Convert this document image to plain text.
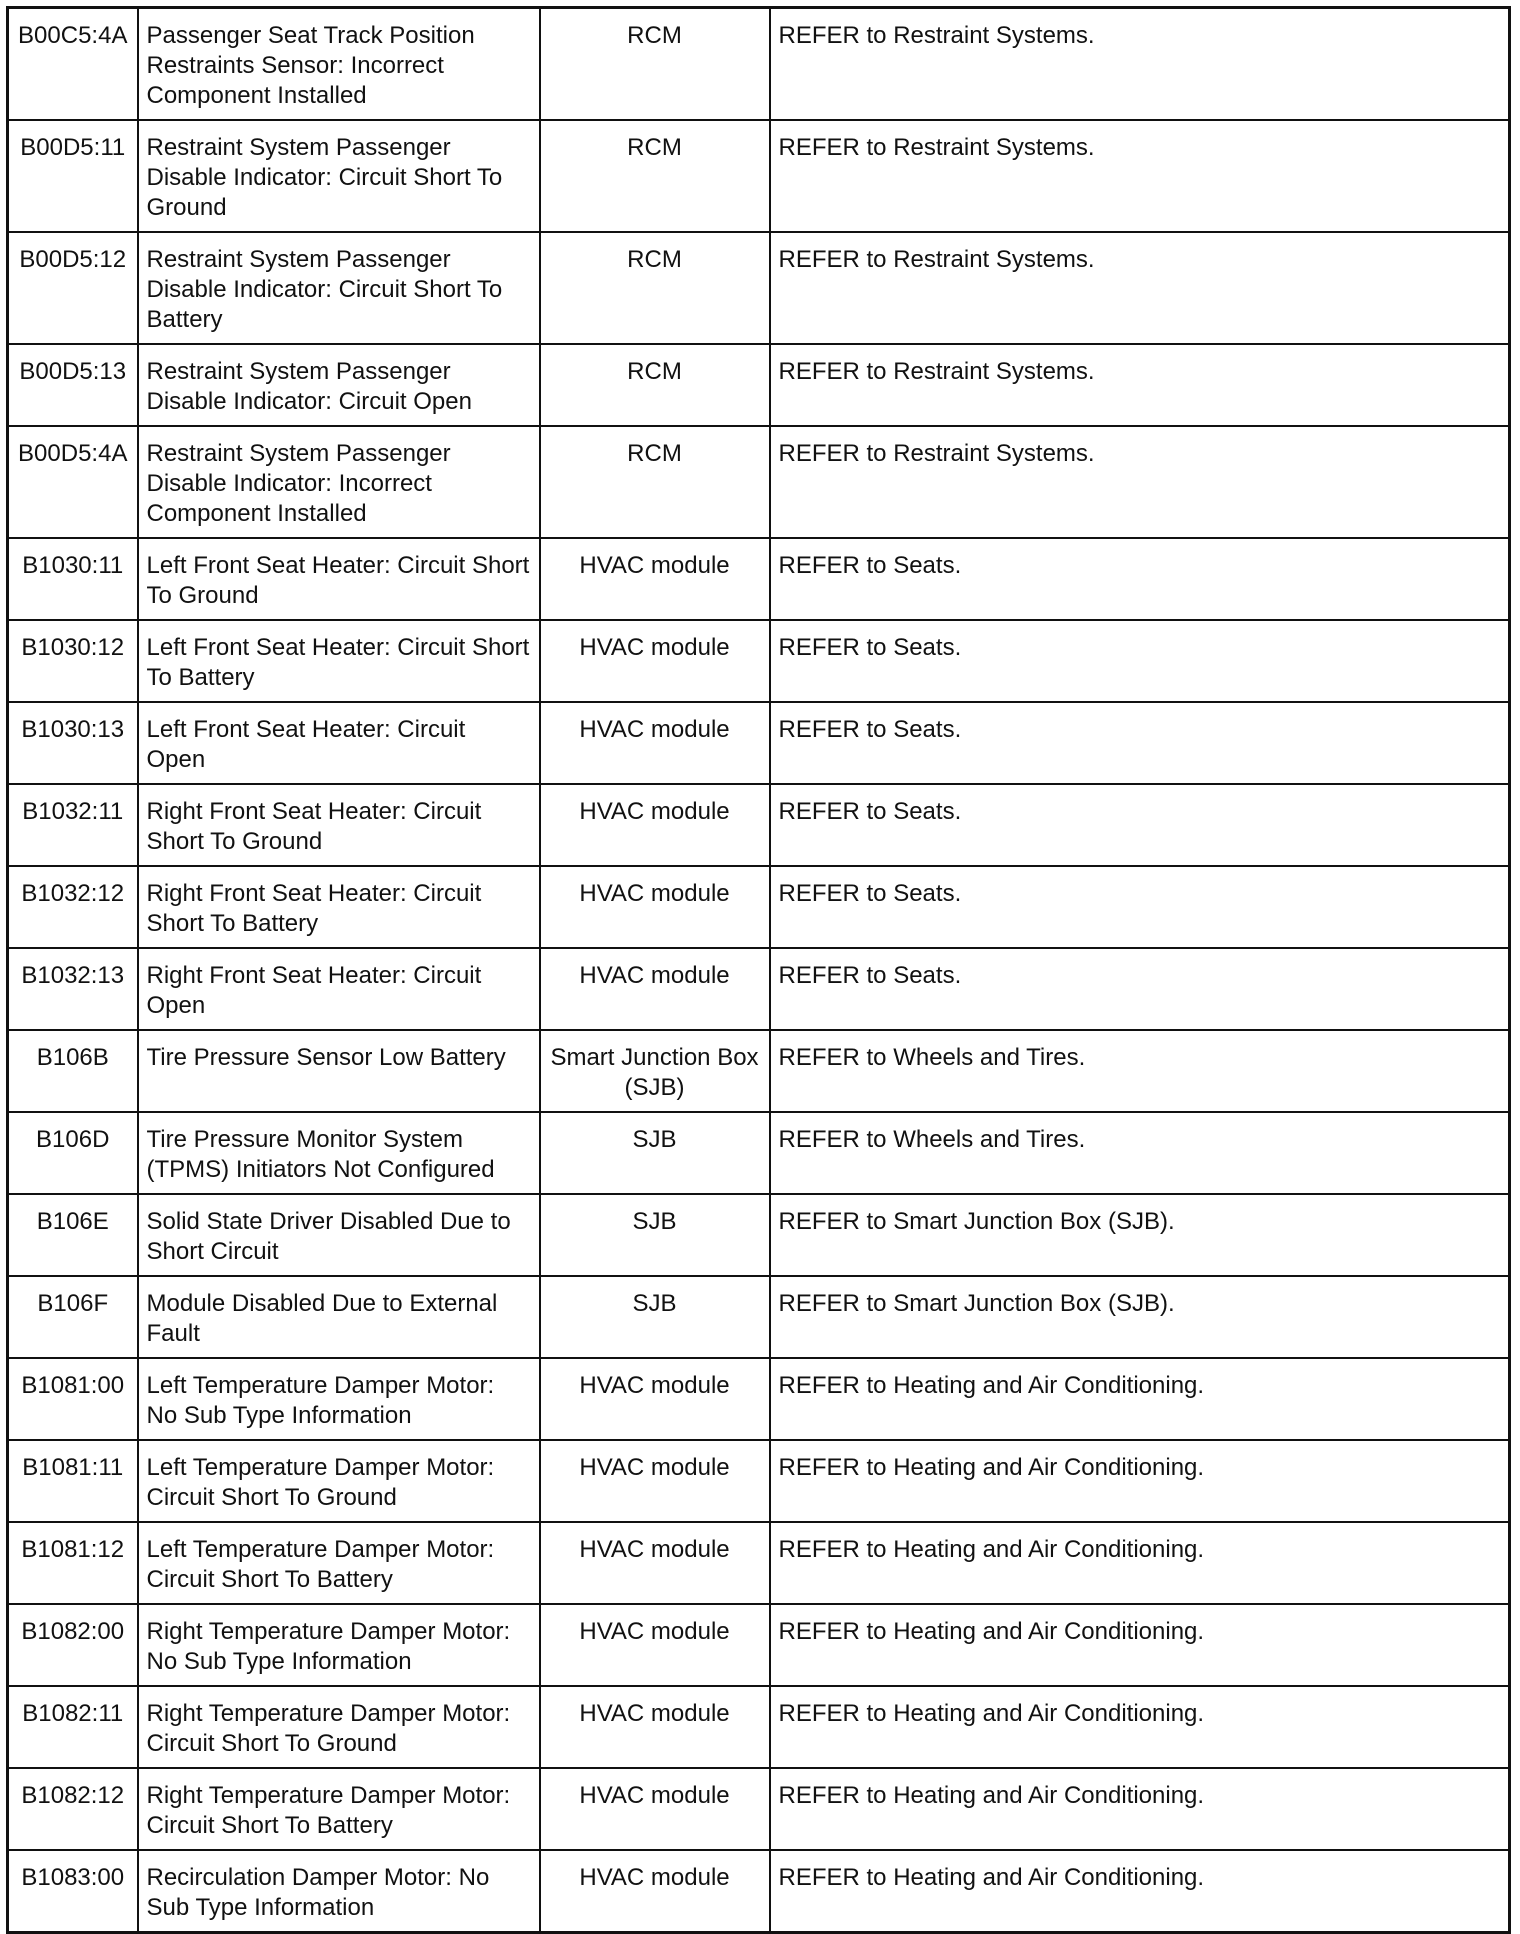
B00C5:4A	Passenger Seat Track Position Restraints Sensor: Incorrect Component Installed	RCM	REFER to Restraint Systems.
B00D5:11	Restraint System Passenger Disable Indicator: Circuit Short To Ground	RCM	REFER to Restraint Systems.
B00D5:12	Restraint System Passenger Disable Indicator: Circuit Short To Battery	RCM	REFER to Restraint Systems.
B00D5:13	Restraint System Passenger Disable Indicator: Circuit Open	RCM	REFER to Restraint Systems.
B00D5:4A	Restraint System Passenger Disable Indicator: Incorrect Component Installed	RCM	REFER to Restraint Systems.
B1030:11	Left Front Seat Heater: Circuit Short To Ground	HVAC module	REFER to Seats.
B1030:12	Left Front Seat Heater: Circuit Short To Battery	HVAC module	REFER to Seats.
B1030:13	Left Front Seat Heater: Circuit Open	HVAC module	REFER to Seats.
B1032:11	Right Front Seat Heater: Circuit Short To Ground	HVAC module	REFER to Seats.
B1032:12	Right Front Seat Heater: Circuit Short To Battery	HVAC module	REFER to Seats.
B1032:13	Right Front Seat Heater: Circuit Open	HVAC module	REFER to Seats.
B106B	Tire Pressure Sensor Low Battery	Smart Junction Box (SJB)	REFER to Wheels and Tires.
B106D	Tire Pressure Monitor System (TPMS) Initiators Not Configured	SJB	REFER to Wheels and Tires.
B106E	Solid State Driver Disabled Due to Short Circuit	SJB	REFER to Smart Junction Box (SJB).
B106F	Module Disabled Due to External Fault	SJB	REFER to Smart Junction Box (SJB).
B1081:00	Left Temperature Damper Motor: No Sub Type Information	HVAC module	REFER to Heating and Air Conditioning.
B1081:11	Left Temperature Damper Motor: Circuit Short To Ground	HVAC module	REFER to Heating and Air Conditioning.
B1081:12	Left Temperature Damper Motor: Circuit Short To Battery	HVAC module	REFER to Heating and Air Conditioning.
B1082:00	Right Temperature Damper Motor: No Sub Type Information	HVAC module	REFER to Heating and Air Conditioning.
B1082:11	Right Temperature Damper Motor: Circuit Short To Ground	HVAC module	REFER to Heating and Air Conditioning.
B1082:12	Right Temperature Damper Motor: Circuit Short To Battery	HVAC module	REFER to Heating and Air Conditioning.
B1083:00	Recirculation Damper Motor: No Sub Type Information	HVAC module	REFER to Heating and Air Conditioning.
